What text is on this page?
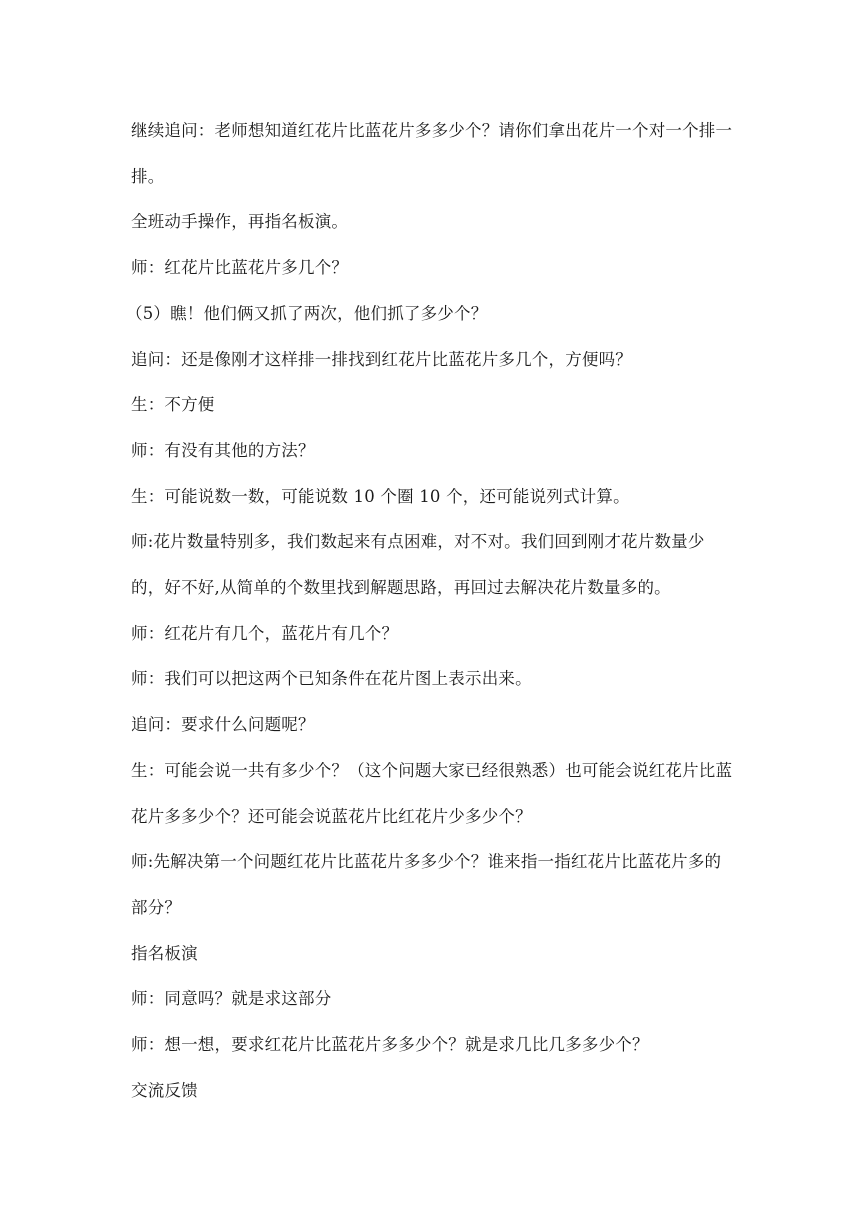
继续追问：老师想知道红花片比蓝花片多多少个？请你们拿出花片一个对一个排一排。

全班动手操作，再指名板演。

师：红花片比蓝花片多几个？

（5）瞧！他们俩又抓了两次，他们抓了多少个？

追问：还是像刚才这样排一排找到红花片比蓝花片多几个，方便吗？

生：不方便

师：有没有其他的方法？

生：可能说数一数，可能说数 10 个圈 10 个，还可能说列式计算。

师:花片数量特别多，我们数起来有点困难，对不对。我们回到刚才花片数量少的，好不好,从简单的个数里找到解题思路，再回过去解决花片数量多的。

师：红花片有几个，蓝花片有几个？

师：我们可以把这两个已知条件在花片图上表示出来。

追问：要求什么问题呢？

生：可能会说一共有多少个？（这个问题大家已经很熟悉）也可能会说红花片比蓝花片多多少个？还可能会说蓝花片比红花片少多少个？

师:先解决第一个问题红花片比蓝花片多多少个？谁来指一指红花片比蓝花片多的部分？

指名板演

师：同意吗？就是求这部分

师：想一想，要求红花片比蓝花片多多少个？就是求几比几多多少个？

交流反馈
